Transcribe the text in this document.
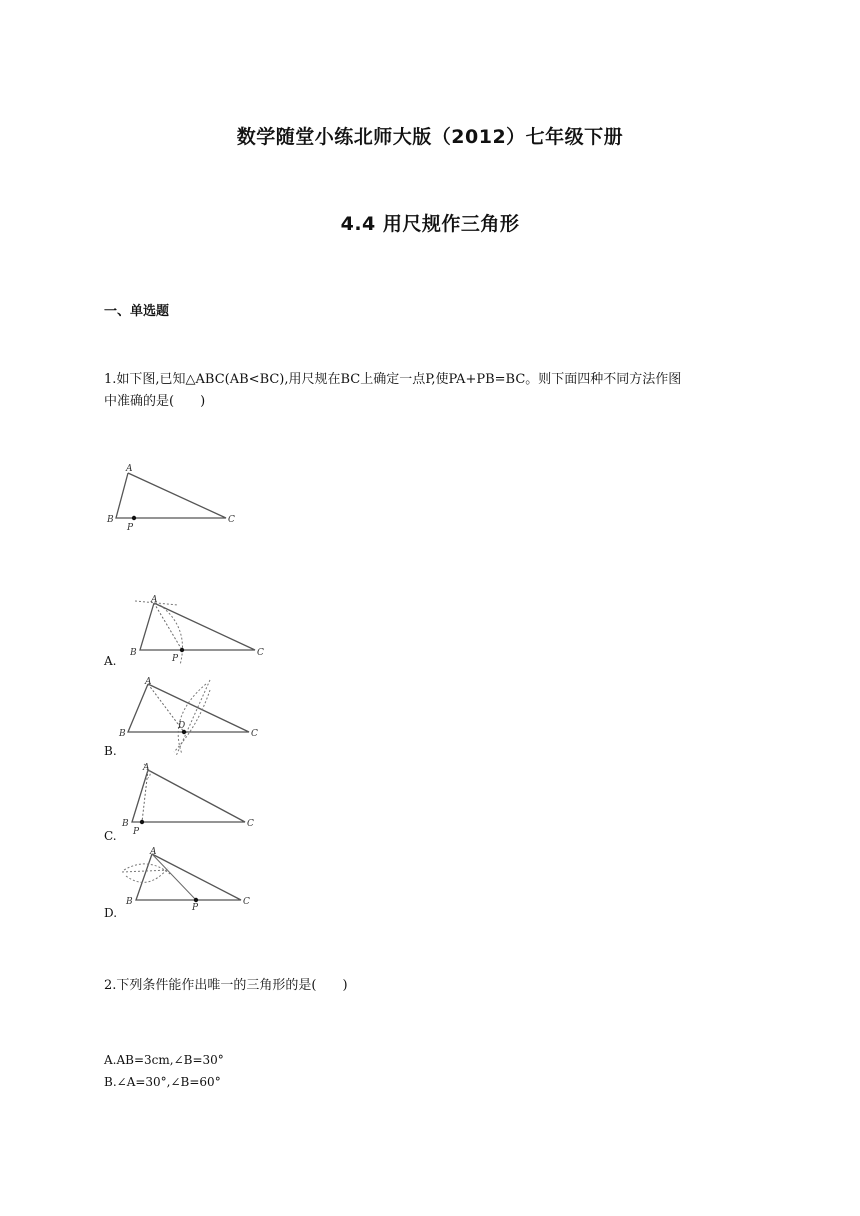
数学随堂小练北师大版（2012）七年级下册
4.4 用尺规作三角形
一、单选题
1.如下图,已知△ABC(AB<BC),用尺规在BC上确定一点P,使PA+PB=BC。则下面四种不同方法作图
中准确的是(　　)
A
B	C
P
A
B	C
P
A.
A
B	C
D
B.
A
B	C
P
C.
A
B	C
P
D.
2.下列条件能作出唯一的三角形的是(　　)
A.AB=3cm,∠B=30°
B.∠A=30°,∠B=60°
